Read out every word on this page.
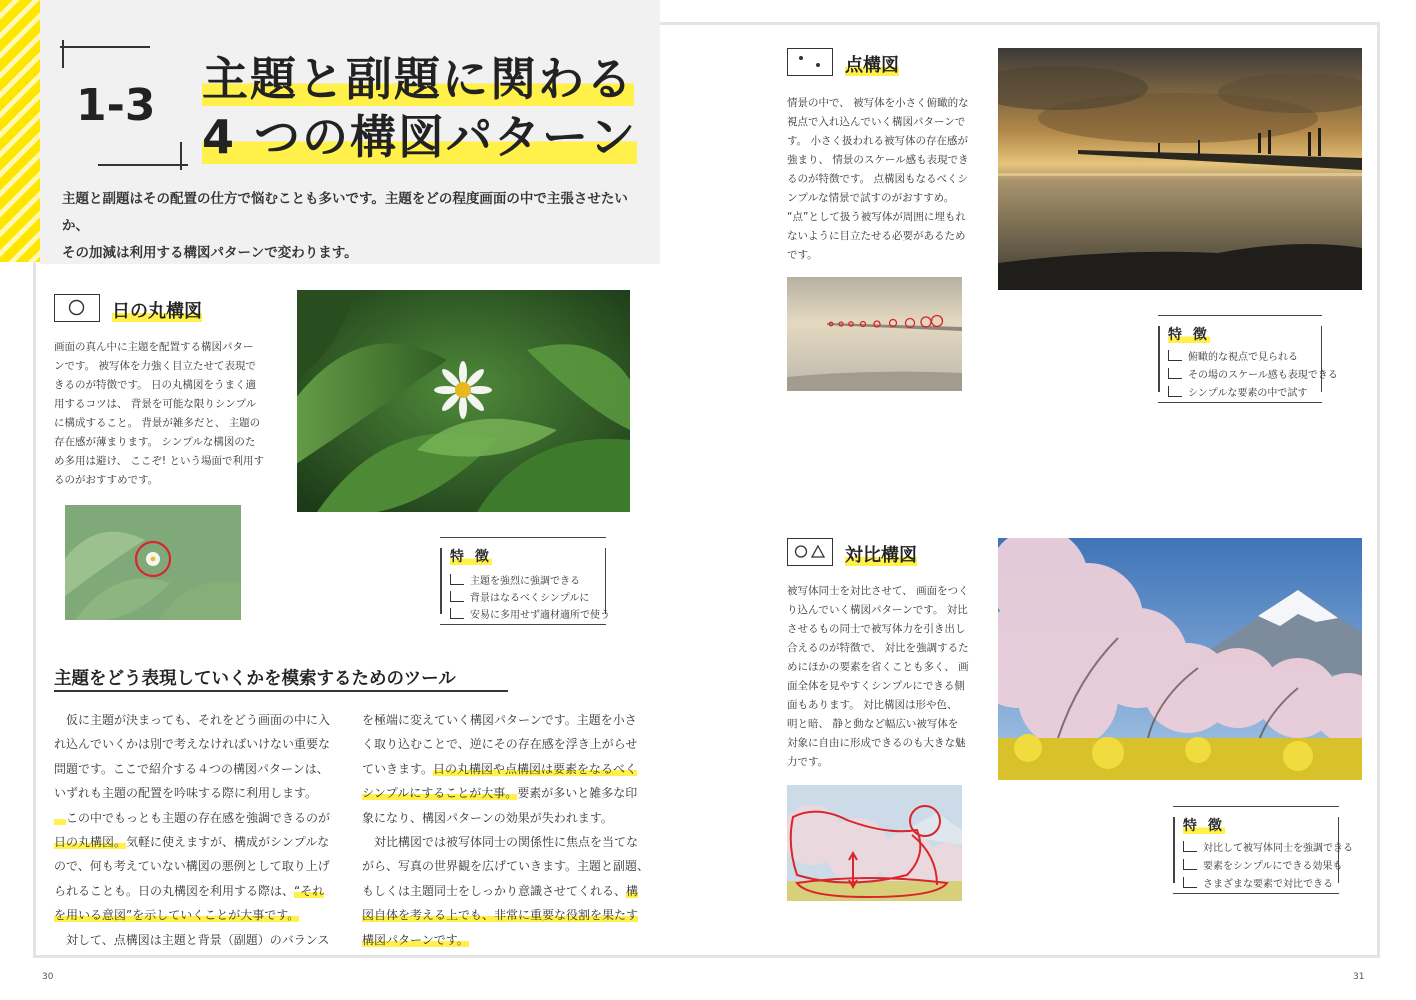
1-3 主題と副題に関わる
4 つの構図パターン
主題と副題はその配置の仕方で悩むことも多いです。主題をどの程度画面の中で主張させたいか、
その加減は利用する構図パターンで変わります。
日の丸構図
画面の真ん中に主題を配置する構図パター
ンです。 被写体を力強く目立たせて表現で
きるのが特徴です。 日の丸構図をうまく適
用するコツは、 背景を可能な限りシンプル
に構成すること。 背景が雑多だと、 主題の
存在感が薄まります。 シンプルな構図のた
め多用は避け、 ここぞ! という場面で利用す
るのがおすすめです。
特 徴
主題を強烈に強調できる
背景はなるべくシンプルに
安易に多用せず適材適所で使う
主題をどう表現していくかを模索するためのツール
　仮に主題が決まっても、それをどう画面の中に入
れ込んでいくかは別で考えなければいけない重要な
問題です。ここで紹介する４つの構図パターンは、
いずれも主題の配置を吟味する際に利用します。
　この中でもっとも主題の存在感を強調できるのが
日の丸構図。気軽に使えますが、構成がシンプルな
ので、何も考えていない構図の悪例として取り上げ
られることも。日の丸構図を利用する際は、“それ
を用いる意図”を示していくことが大事です。
　対して、点構図は主題と背景（副題）のバランス
を極端に変えていく構図パターンです。主題を小さ
く取り込むことで、逆にその存在感を浮き上がらせ
ていきます。日の丸構図や点構図は要素をなるべく
シンプルにすることが大事。要素が多いと雑多な印
象になり、構図パターンの効果が失われます。
　対比構図では被写体同士の関係性に焦点を当てな
がら、写真の世界観を広げていきます。主題と副題、
もしくは主題同士をしっかり意識させてくれる、構
図自体を考える上でも、非常に重要な役割を果たす
構図パターンです。
30
点構図
情景の中で、 被写体を小さく俯瞰的な
視点で入れ込んでいく構図パターンで
す。 小さく扱われる被写体の存在感が
強まり、 情景のスケール感も表現でき
るのが特徴です。 点構図もなるべくシ
ンプルな情景で試すのがおすすめ。
“点”として扱う被写体が周囲に埋もれ
ないように目立たせる必要があるため
です。
特 徴
俯瞰的な視点で見られる
その場のスケール感も表現できる
シンプルな要素の中で試す
対比構図
被写体同士を対比させて、 画面をつく
り込んでいく構図パターンです。 対比
させるもの同士で被写体力を引き出し
合えるのが特徴で、 対比を強調するた
めにほかの要素を省くことも多く、 画
面全体を見やすくシンプルにできる側
面もあります。 対比構図は形や色、
明と暗、 静と動など幅広い被写体を
対象に自由に形成できるのも大きな魅
力です。
特 徴
対比して被写体同士を強調できる
要素をシンプルにできる効果も
さまざまな要素で対比できる
31
